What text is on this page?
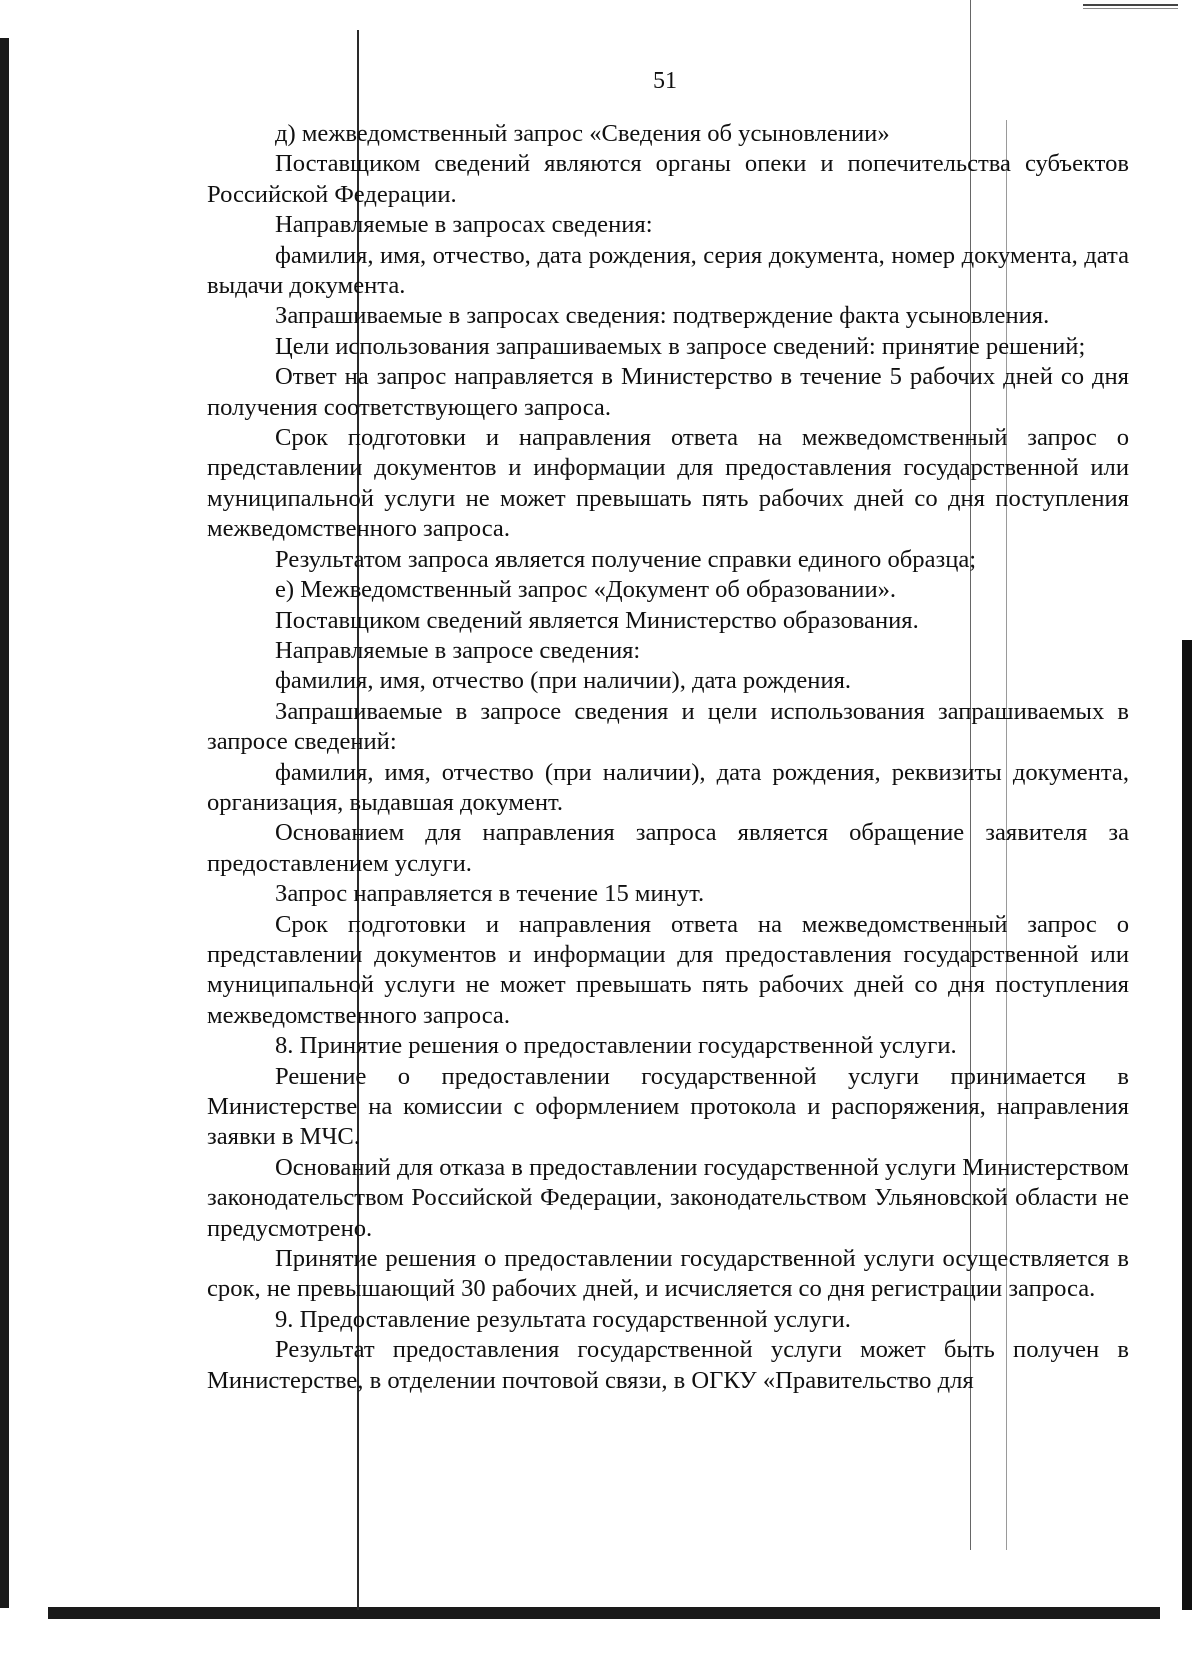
51

д) межведомственный запрос «Сведения об усыновлении»

Поставщиком сведений являются органы опеки и попечительства субъектов Российской Федерации.

Направляемые в запросах сведения:

фамилия, имя, отчество, дата рождения, серия документа, номер документа, дата выдачи документа.

Запрашиваемые в запросах сведения: подтверждение факта усыновления.

Цели использования запрашиваемых в запросе сведений: принятие решений;

Ответ на запрос направляется в Министерство в течение 5 рабочих дней со дня получения соответствующего запроса.

Срок подготовки и направления ответа на межведомственный запрос о представлении документов и информации для предоставления государственной или муниципальной услуги не может превышать пять рабочих дней со дня поступления межведомственного запроса.

Результатом запроса является получение справки единого образца;

е) Межведомственный запрос «Документ об образовании».

Поставщиком сведений является Министерство образования.

Направляемые в запросе сведения:

фамилия, имя, отчество (при наличии), дата рождения.

Запрашиваемые в запросе сведения и цели использования запрашиваемых в запросе сведений:

фамилия, имя, отчество (при наличии), дата рождения, реквизиты документа, организация, выдавшая документ.

Основанием для направления запроса является обращение заявителя за предоставлением услуги.

Запрос направляется в течение 15 минут.

Срок подготовки и направления ответа на межведомственный запрос о представлении документов и информации для предоставления государственной или муниципальной услуги не может превышать пять рабочих дней со дня поступления межведомственного запроса.

8. Принятие решения о предоставлении государственной услуги.

Решение о предоставлении государственной услуги принимается в Министерстве на комиссии с оформлением протокола и распоряжения, направления заявки в МЧС.

Оснований для отказа в предоставлении государственной услуги Министерством законодательством Российской Федерации, законодательством Ульяновской области не предусмотрено.

Принятие решения о предоставлении государственной услуги осуществляется в срок, не превышающий 30 рабочих дней, и исчисляется со дня регистрации запроса.

9. Предоставление результата государственной услуги.

Результат предоставления государственной услуги может быть получен в Министерстве, в отделении почтовой связи, в ОГКУ «Правительство для
